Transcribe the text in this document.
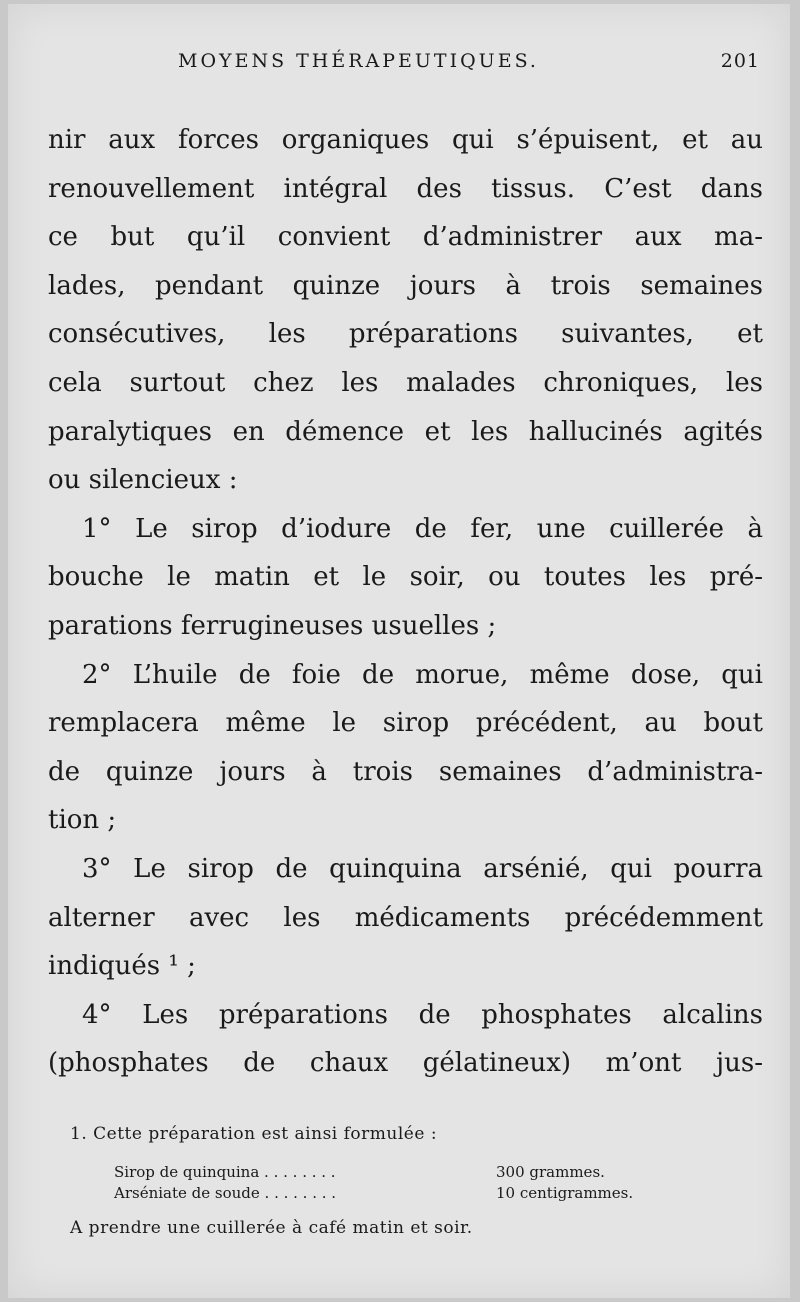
MOYENS THÉRAPEUTIQUES.	201
nir aux forces organiques qui s’épuisent, et au
renouvellement intégral des tissus. C’est dans
ce but qu’il convient d’administrer aux ma-
lades, pendant quinze jours à trois semaines
consécutives, les préparations suivantes, et
cela surtout chez les malades chroniques, les
paralytiques en démence et les hallucinés agités
ou silencieux :
1° Le sirop d’iodure de fer, une cuillerée à
bouche le matin et le soir, ou toutes les pré-
parations ferrugineuses usuelles ;
2° L’huile de foie de morue, même dose, qui
remplacera même le sirop précédent, au bout
de quinze jours à trois semaines d’administra-
tion ;
3° Le sirop de quinquina arsénié, qui pourra
alterner avec les médicaments précédemment
indiqués ¹ ;
4° Les préparations de phosphates alcalins
(phosphates de chaux gélatineux) m’ont jus-
1. Cette préparation est ainsi formulée :
Sirop de quinquina . . . . . . . .	300 grammes.
Arséniate de soude . . . . . . . .	10 centigrammes.
A prendre une cuillerée à café matin et soir.
